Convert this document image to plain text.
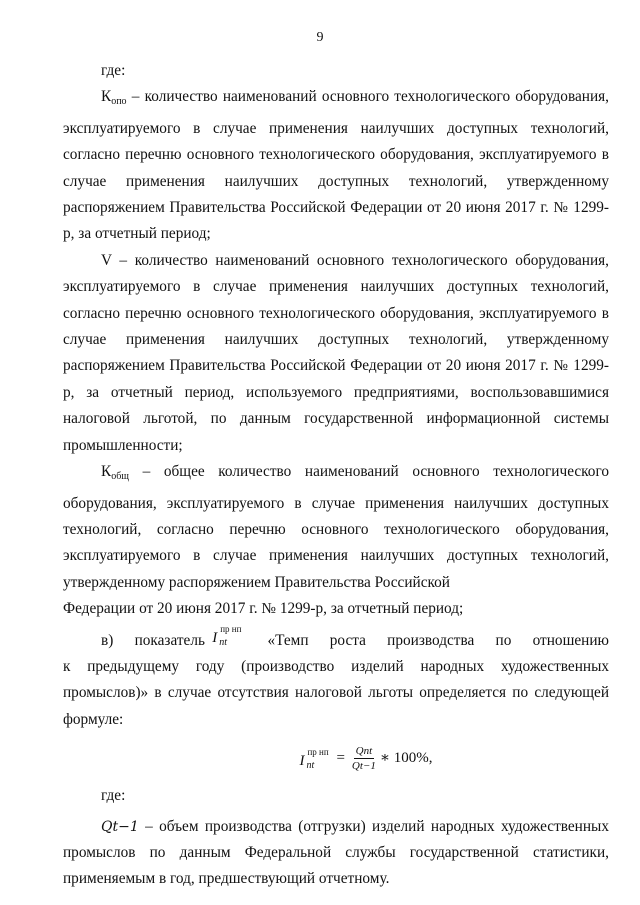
9

где:

$К_{опо}$ – количество наименований основного технологического оборудования, эксплуатируемого в случае применения наилучших доступных технологий, согласно перечню основного технологического оборудования, эксплуатируемого в случае применения наилучших доступных технологий, утвержденному распоряжением Правительства Российской Федерации от 20 июня 2017 г. № 1299-р, за отчетный период;

V – количество наименований основного технологического оборудования, эксплуатируемого в случае применения наилучших доступных технологий, согласно перечню основного технологического оборудования, эксплуатируемого в случае применения наилучших доступных технологий, утвержденному распоряжением Правительства Российской Федерации от 20 июня 2017 г. № 1299-р, за отчетный период, используемого предприятиями, воспользовавшимися налоговой льготой, по данным государственной информационной системы промышленности;

$К_{общ}$ – общее количество наименований основного технологического оборудования, эксплуатируемого в случае применения наилучших доступных технологий, согласно перечню основного технологического оборудования, эксплуатируемого в случае применения наилучших доступных технологий, утвержденному распоряжением Правительства Российской

Федерации от 20 июня 2017 г. № 1299-р, за отчетный период;

в) показатель I
пр нп
nt	«Темп роста производства по отношению

к предыдущему году (производство изделий народных художественных промыслов)» в случае отсутствия налоговой льготы определяется по следующей формуле:

I
пр нп
nt = $\frac{\text{Qnt}}{Qt-1}$ ∗ 100%,

где:

Qt−1 – объем производства (отгрузки) изделий народных художественных промыслов по данным Федеральной службы государственной статистики, применяемым в год, предшествующий отчетному.
